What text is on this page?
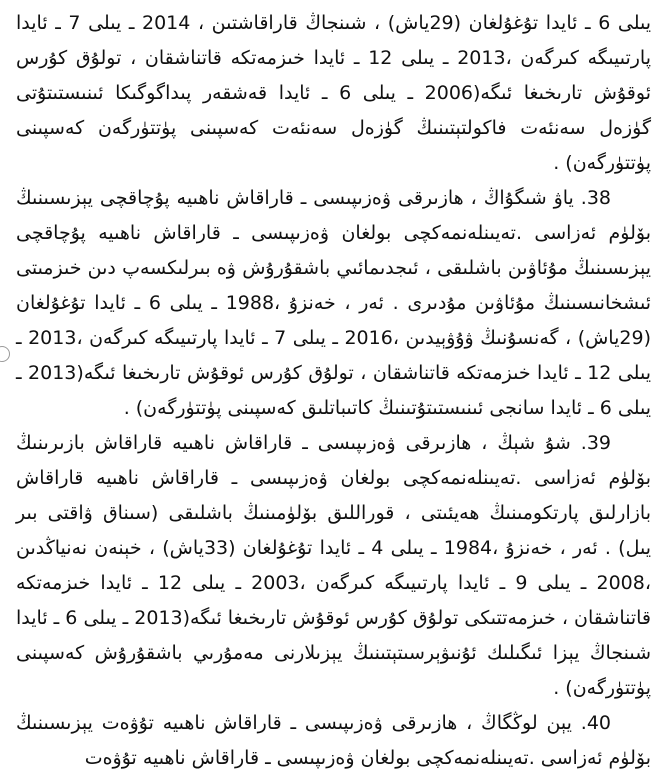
يىلى 6 ـ ئايدا تۇغۇلغان (29ياش) ، شىنجاڭ قاراقاشتىن ، 2014 ـ يىلى 7 ـ ئايدا پارتىيىگە كىرگەن ،2013 ـ يىلى 12 ـ ئايدا خىزمەتكە قاتناشقان ، تولۇق كۇرس ئوقۇش تارىخىغا ئىگە(2006 ـ يىلى 6 ـ ئايدا قەشقەر پىداگوگىكا ئىنىستىتۇتى گۈزەل سەنئەت فاكولتېتىنىڭ گۈزەل سەنئەت كەسپىنى پۈتتۈرگەن كەسپىنى پۈتتۈرگەن) .

38. ياۋ شىگۇاڭ ، ھازىرقى ۋەزىپىسى ـ قاراقاش ناھىيە پۇچاقچى يېزىسىنىڭ بۆلۈم ئەزاسى .تەيىنلەنمەكچى بولغان ۋەزىپىسى ـ قاراقاش ناھىيە پۇچاقچى يېزىسىنىڭ مۇئاۋىن باشلىقى ، ئىجدىمائىي باشقۇرۇش ۋە بىرلىكسەپ دىن خىزمىتى ئىشخانىسىنىڭ مۇئاۋىن مۇدىرى . ئەر ، خەنزۇ ،1988 ـ يىلى 6 ـ ئايدا تۇغۇلغان (29ياش) ، گەنسۇنىڭ ۋۇۋېيدىن ،2016 ـ يىلى 7 ـ ئايدا پارتىيىگە كىرگەن ،2013 ـ يىلى 12 ـ ئايدا خىزمەتكە قاتناشقان ، تولۇق كۇرس ئوقۇش تارىخىغا ئىگە(2013 ـ يىلى 6 ـ ئايدا سانجى ئىنىستىتۇتىنىڭ كاتىباتلىق كەسپىنى پۈتتۈرگەن) .

39. شۇ شېڭ ، ھازىرقى ۋەزىپىسى ـ قاراقاش ناھىيە قاراقاش بازىرىنىڭ بۆلۈم ئەزاسى .تەيىنلەنمەكچى بولغان ۋەزىپىسى ـ قاراقاش ناھىيە قاراقاش بازارلىق پارتكومىنىڭ ھەيئىتى ، قوراللىق بۆلۈمىنىڭ باشلىقى (سىناق ۋاقتى بىر يىل) . ئەر ، خەنزۇ ،1984 ـ يىلى 4 ـ ئايدا تۇغۇلغان (33ياش) ، خېنەن نەنياڭدىن ،2008 ـ يىلى 9 ـ ئايدا پارتىيىگە كىرگەن ،2003 ـ يىلى 12 ـ ئايدا خىزمەتكە قاتناشقان ، خىزمەتتىكى تولۇق كۇرس ئوقۇش تارىخىغا ئىگە(2013 ـ يىلى 6 ـ ئايدا شىنجاڭ يېزا ئىگىلىك ئۇنىۋېرسىتېتىنىڭ يېزىلارنى مەمۇرىي باشقۇرۇش كەسپىنى پۈتتۈرگەن) .

40. يېن لوڭگاڭ ، ھازىرقى ۋەزىپىسى ـ قاراقاش ناھىيە تۇۋەت يېزىسىنىڭ بۆلۈم ئەزاسى .تەيىنلەنمەكچى بولغان ۋەزىپىسى ـ قاراقاش ناھىيە تۇۋەت
